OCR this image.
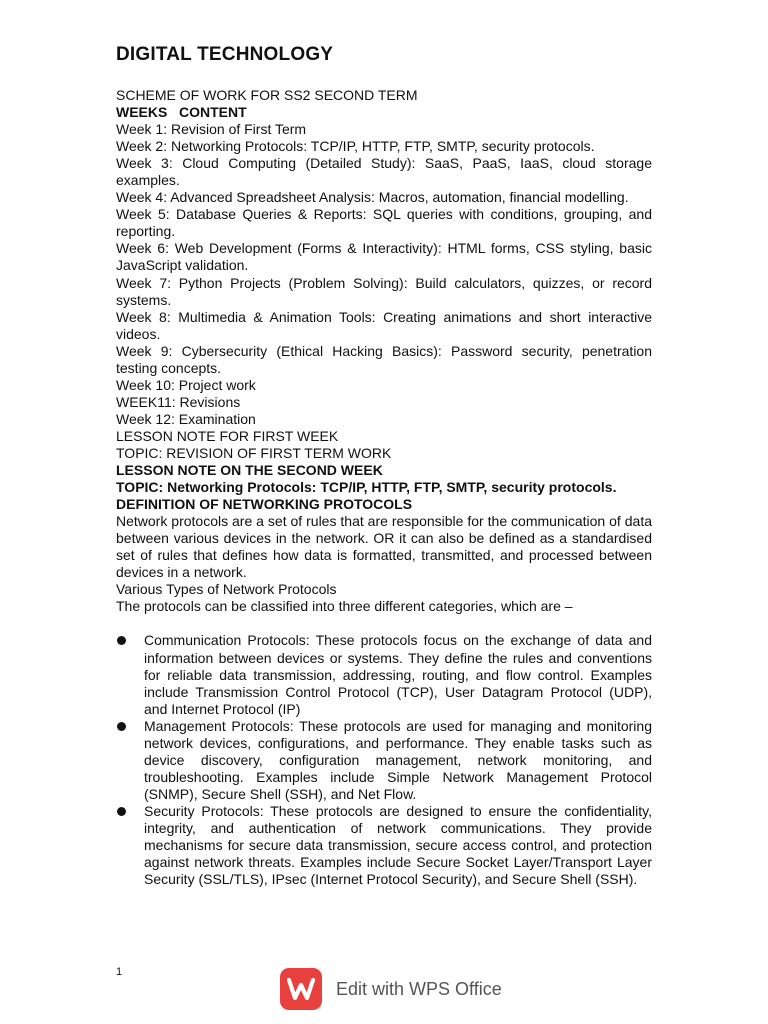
DIGITAL TECHNOLOGY

SCHEME OF WORK FOR SS2 SECOND TERM

WEEKS   CONTENT

Week 1: Revision of First Term

Week 2: Networking Protocols: TCP/IP, HTTP, FTP, SMTP, security protocols.

Week 3: Cloud Computing (Detailed Study): SaaS, PaaS, IaaS, cloud storage examples.

Week 4: Advanced Spreadsheet Analysis: Macros, automation, financial modelling.

Week 5: Database Queries & Reports: SQL queries with conditions, grouping, and reporting.

Week 6: Web Development (Forms & Interactivity): HTML forms, CSS styling, basic JavaScript validation.

Week 7: Python Projects (Problem Solving): Build calculators, quizzes, or record systems.

Week 8: Multimedia & Animation Tools: Creating animations and short interactive videos.

Week 9: Cybersecurity (Ethical Hacking Basics): Password security, penetration testing concepts.

Week 10: Project work

WEEK11: Revisions

Week 12: Examination

LESSON NOTE FOR FIRST WEEK

TOPIC: REVISION OF FIRST TERM WORK

LESSON NOTE ON THE SECOND WEEK

TOPIC: Networking Protocols: TCP/IP, HTTP, FTP, SMTP, security protocols.

DEFINITION OF NETWORKING PROTOCOLS

Network protocols are a set of rules that are responsible for the communication of data between various devices in the network. OR it can also be defined as a standardised set of rules that defines how data is formatted, transmitted, and processed between devices in a network.

Various Types of Network Protocols

The protocols can be classified into three different categories, which are –

Communication Protocols: These protocols focus on the exchange of data and information between devices or systems. They define the rules and conventions for reliable data transmission, addressing, routing, and flow control. Examples include Transmission Control Protocol (TCP), User Datagram Protocol (UDP), and Internet Protocol (IP)
Management Protocols: These protocols are used for managing and monitoring network devices, configurations, and performance. They enable tasks such as device discovery, configuration management, network monitoring, and troubleshooting. Examples include Simple Network Management Protocol (SNMP), Secure Shell (SSH), and Net Flow.
Security Protocols: These protocols are designed to ensure the confidentiality, integrity, and authentication of network communications. They provide mechanisms for secure data transmission, secure access control, and protection against network threats. Examples include Secure Socket Layer/Transport Layer Security (SSL/TLS), IPsec (Internet Protocol Security), and Secure Shell (SSH).
1
Edit with WPS Office
